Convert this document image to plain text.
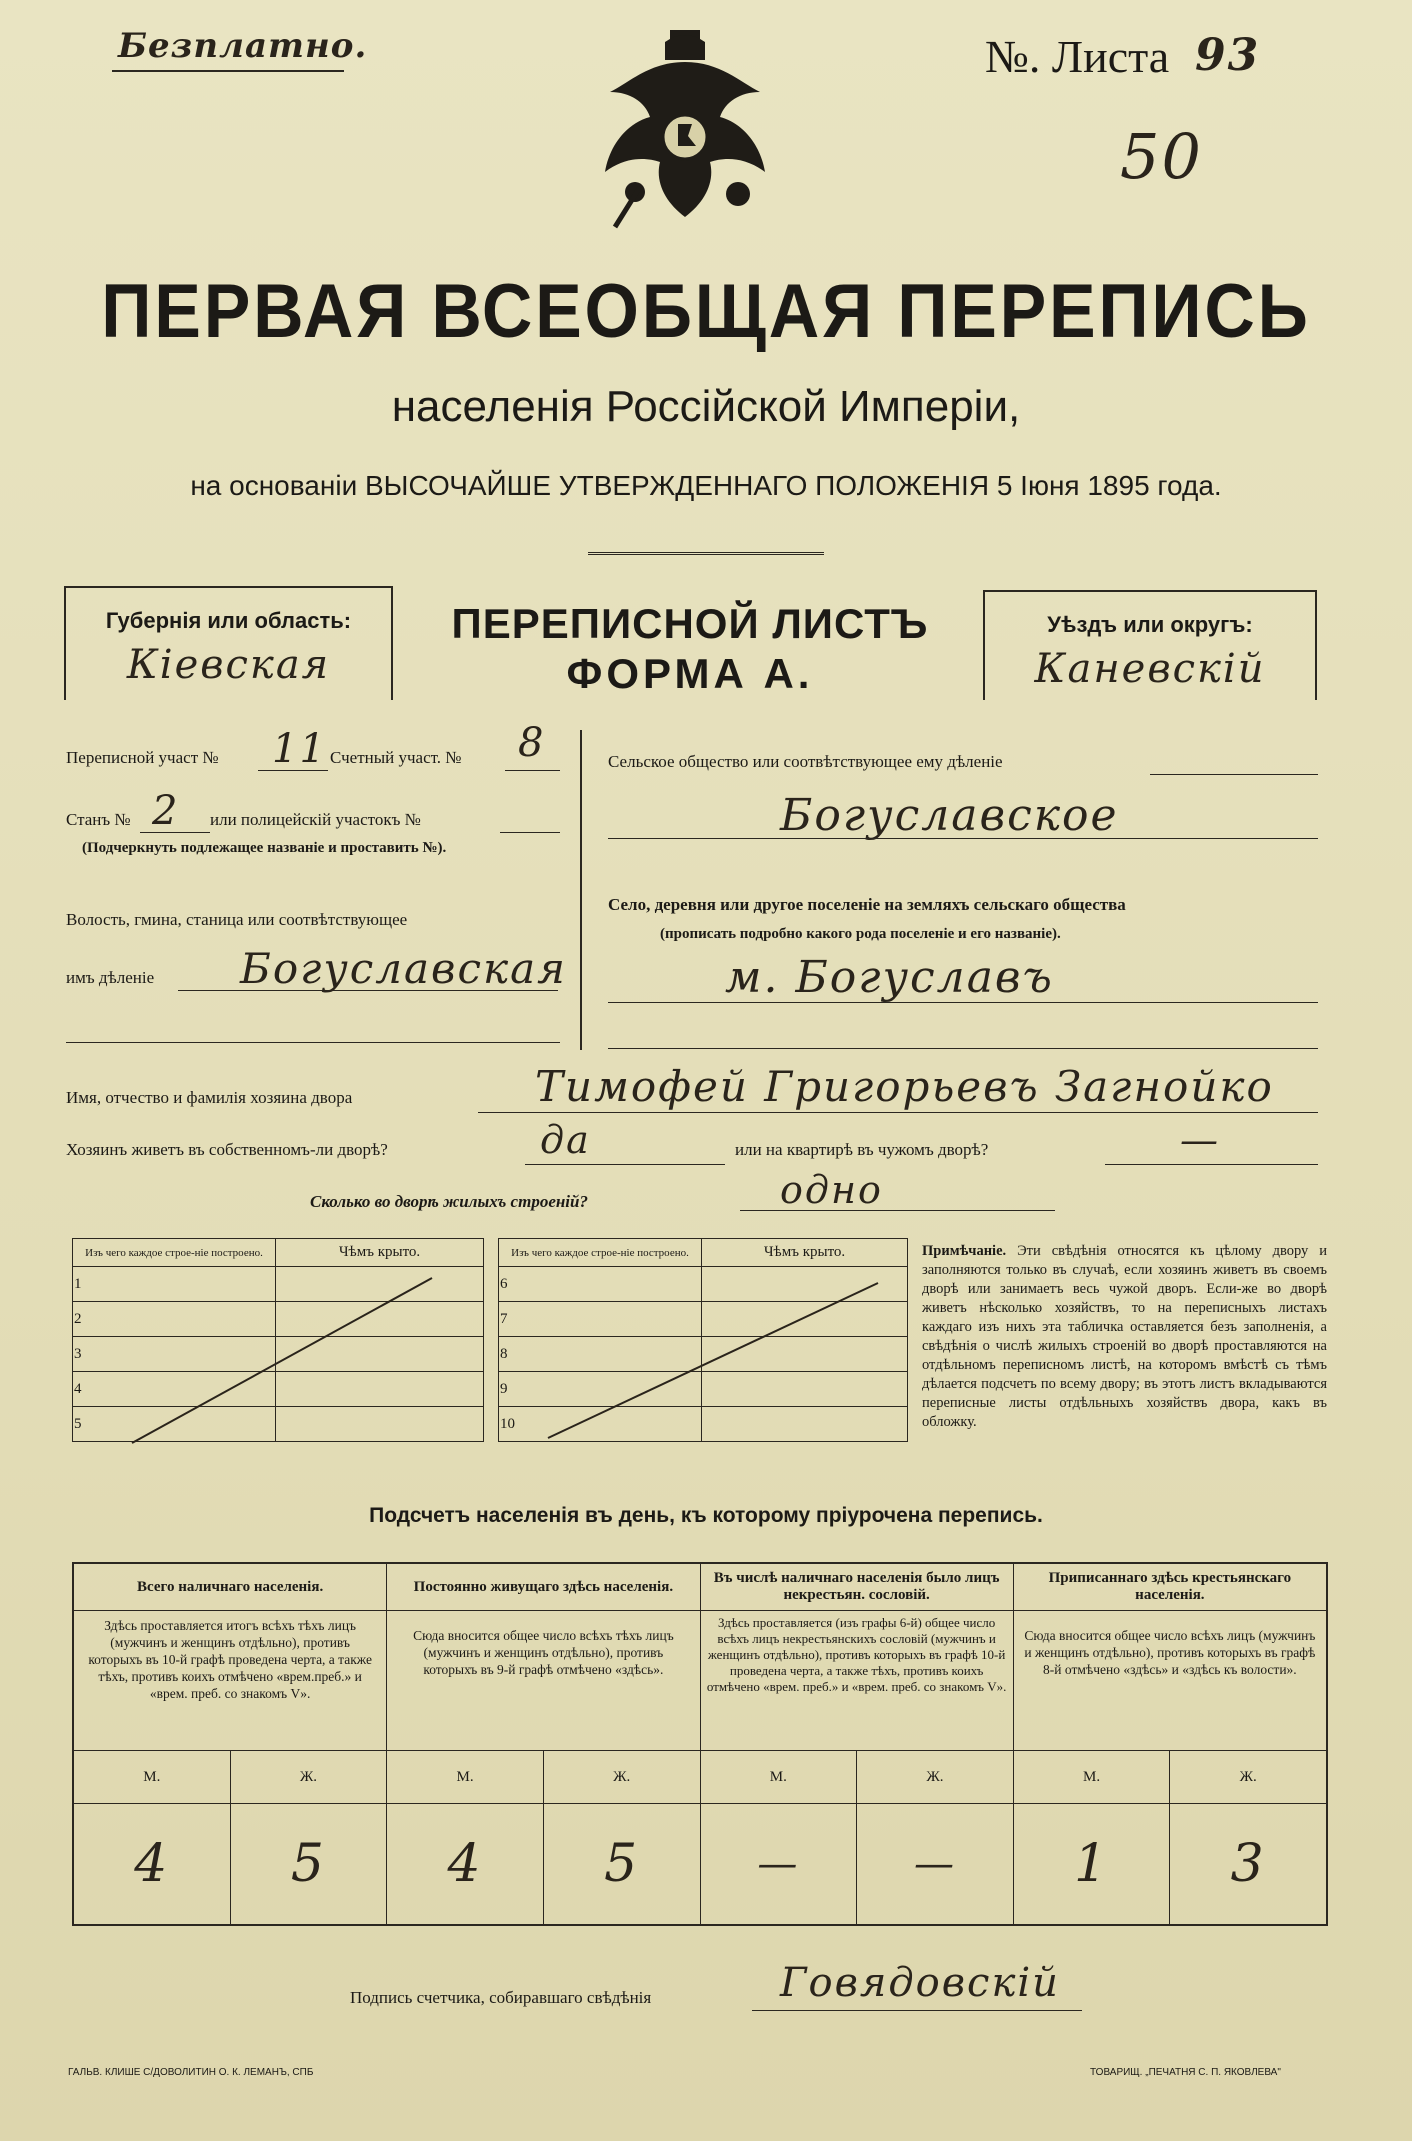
Безплатно.	№. Листа 93
50
ПЕРВАЯ ВСЕОБЩАЯ ПЕРЕПИСЬ
населенія Россійской Имперіи,
на основаніи ВЫСОЧАЙШЕ УТВЕРЖДЕННАГО ПОЛОЖЕНІЯ 5 Іюня 1895 года.
Губернія или область:
Кіевская
ПЕРЕПИСНОЙ ЛИСТЪ
ФОРМА А.
Уѣздъ или округъ:
Каневскій
Переписной участ № 11 Счетный участ. № 8
Станъ № 2 или полицейскій участокъ №
(Подчеркнуть подлежащее названіе и проставить №).
Волость, гмина, станица или соотвѣтствующее
имъ дѣленіе Богуславская
Сельское общество или соотвѣтствующее ему дѣленіе
Богуславское
Село, деревня или другое поселеніе на земляхъ сельскаго общества
(прописать подробно какого рода поселеніе и его названіе).
м. Богуславъ
Имя, отчество и фамилія хозяина двора	Тимофей Григорьевъ Загнойко
Хозяинъ живетъ въ собственномъ-ли дворѣ?	да	или на квартирѣ въ чужомъ дворѣ?	—
Сколько во дворѣ жилыхъ строеній?	одно
Изъ чего каждое строе-ніе построено.	Чѣмъ крыто.
1	
2	
3	
4	
5	
Изъ чего каждое строе-ніе построено.	Чѣмъ крыто.
6	
7	
8	
9	
10	
Примѣчаніе. Эти свѣдѣнія относятся къ цѣлому двору и заполняются только въ случаѣ, если хозяинъ живетъ въ своемъ дворѣ или занимаетъ весь чужой дворъ. Если-же во дворѣ живетъ нѣсколько хозяйствъ, то на переписныхъ листахъ каждаго изъ нихъ эта табличка оставляется безъ заполненія, а свѣдѣнія о числѣ жилыхъ строеній во дворѣ проставляются на отдѣльномъ переписномъ листѣ, на которомъ вмѣстѣ съ тѣмъ дѣлается подсчетъ по всему двору; въ этотъ листъ вкладываются переписные листы отдѣльныхъ хозяйствъ двора, какъ въ обложку.
Подсчетъ населенія въ день, къ которому пріурочена перепись.
Всего наличнаго населенія.
Здѣсь проставляется итогъ всѣхъ тѣхъ лицъ (мужчинъ и женщинъ отдѣльно), противъ которыхъ въ 10-й графѣ проведена черта, а также тѣхъ, противъ коихъ отмѣчено «врем.преб.» и «врем. преб. со знакомъ V».
М.	Ж.
4	5
Постоянно живущаго здѣсь населенія.
Сюда вносится общее число всѣхъ тѣхъ лицъ (мужчинъ и женщинъ отдѣльно), противъ которыхъ въ 9-й графѣ отмѣчено «здѣсь».
М.	Ж.
4	5
Въ числѣ наличнаго населенія было лицъ некрестьян. сословій.
Здѣсь проставляется (изъ графы 6-й) общее число всѣхъ лицъ некрестьянскихъ сословій (мужчинъ и женщинъ отдѣльно), противъ которыхъ въ графѣ 10-й проведена черта, а также тѣхъ, противъ коихъ отмѣчено «врем. преб.» и «врем. преб. со знакомъ V».
М.	Ж.
—	—
Приписаннаго здѣсь крестьянскаго населенія.
Сюда вносится общее число всѣхъ лицъ (мужчинъ и женщинъ отдѣльно), противъ которыхъ въ графѣ 8-й отмѣчено «здѣсь» и «здѣсь къ волости».
М.	Ж.
1	3
Подпись счетчика, собиравшаго свѣдѣнія	Говядовскій
ГАЛЬВ. КЛИШЕ С/ДОВОЛИТИН О. К. ЛЕМАНЪ, СПБ	ТОВАРИЩ. „ПЕЧАТНЯ С. П. ЯКОВЛЕВА"
